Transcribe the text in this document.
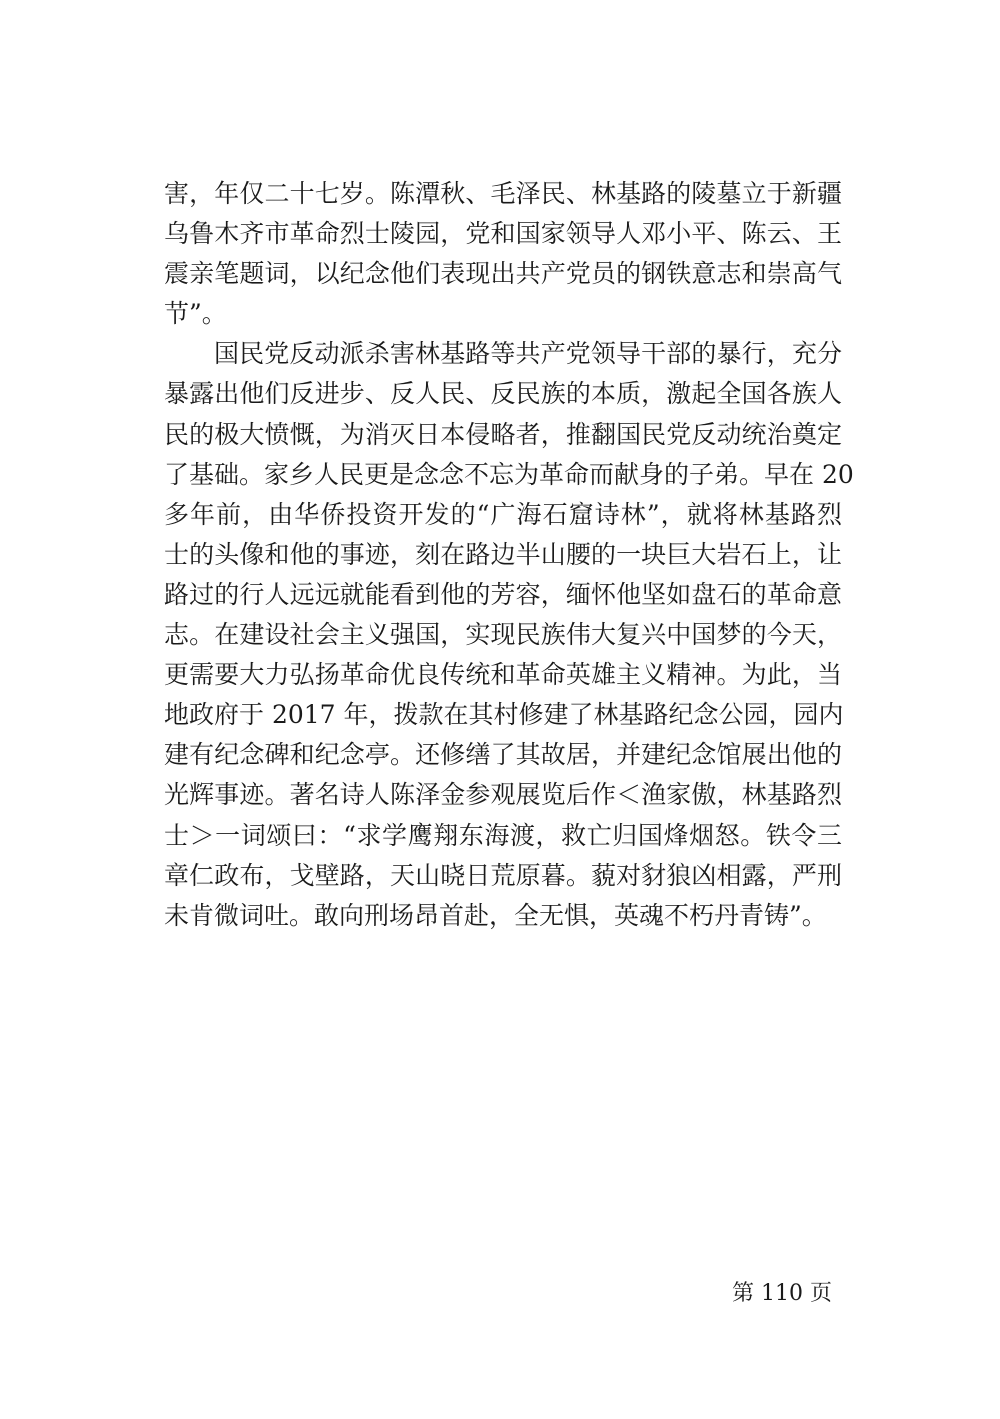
害，年仅二十七岁。陈潭秋、毛泽民、林基路的陵墓立于新疆
乌鲁木齐市革命烈士陵园，党和国家领导人邓小平、陈云、王
震亲笔题词，以纪念他们表现出共产党员的钢铁意志和崇高气
节”。
国民党反动派杀害林基路等共产党领导干部的暴行，充分
暴露出他们反进步、反人民、反民族的本质，激起全国各族人
民的极大愤慨，为消灭日本侵略者，推翻国民党反动统治奠定
了基础。家乡人民更是念念不忘为革命而献身的子弟。早在 20
多年前，由华侨投资开发的“广海石窟诗林”，就将林基路烈
士的头像和他的事迹，刻在路边半山腰的一块巨大岩石上，让
路过的行人远远就能看到他的芳容，缅怀他坚如盘石的革命意
志。在建设社会主义强国，实现民族伟大复兴中国梦的今天，
更需要大力弘扬革命优良传统和革命英雄主义精神。为此，当
地政府于 2017 年，拨款在其村修建了林基路纪念公园，园内
建有纪念碑和纪念亭。还修缮了其故居，并建纪念馆展出他的
光辉事迹。著名诗人陈泽金参观展览后作＜渔家傲，林基路烈
士＞一词颂曰：“求学鹰翔东海渡，救亡归国烽烟怒。铁令三
章仁政布，戈壁路，天山晓日荒原暮。藐对豺狼凶相露，严刑
未肯微词吐。敢向刑场昂首赴，全无惧，英魂不朽丹青铸”。
第 110 页
